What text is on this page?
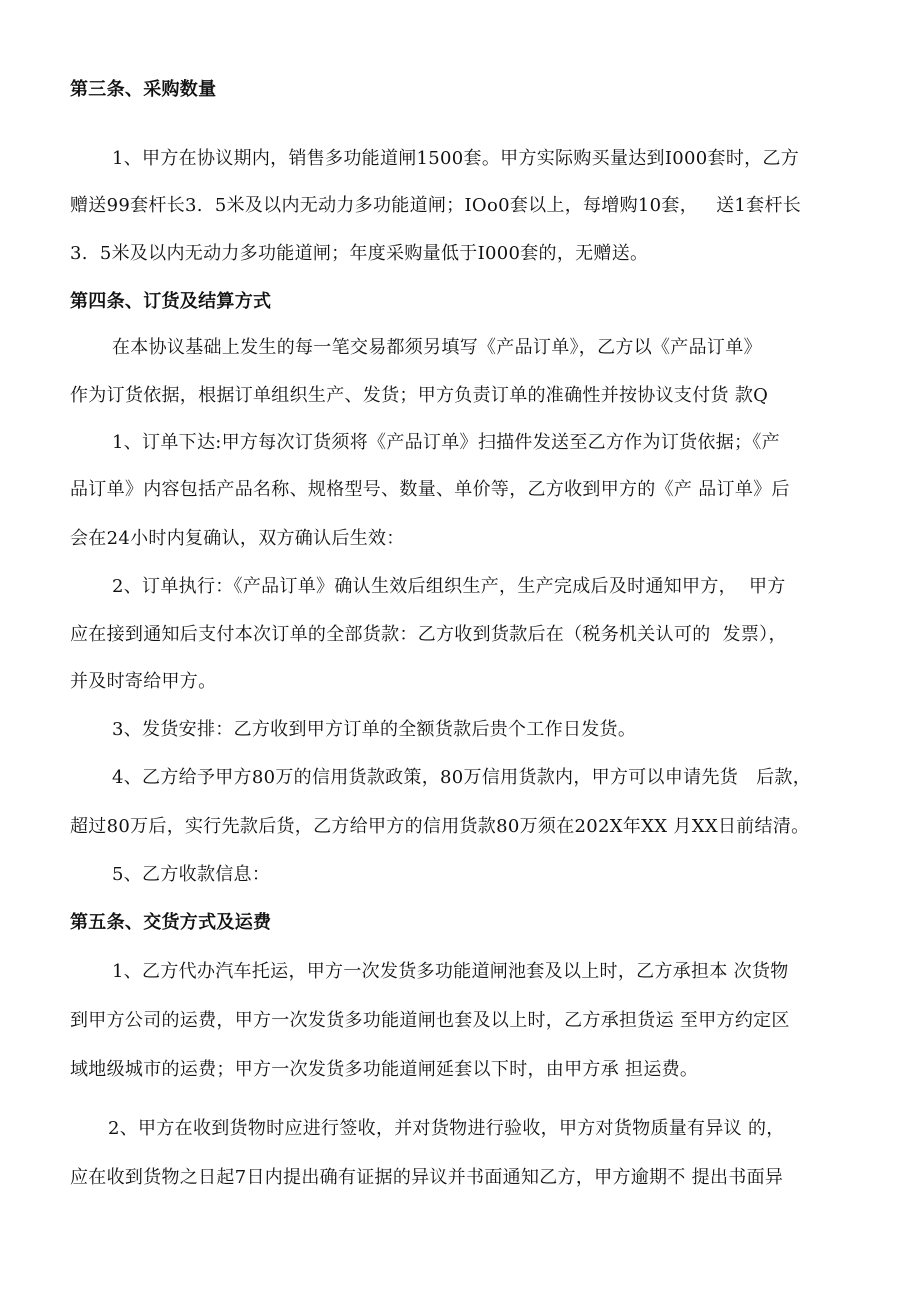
第三条、采购数量
1、甲方在协议期内，销售多功能道闸1500套。甲方实际购买量达到I000套时，乙方
赠送99套杆长3.  5米及以内无动力多功能道闸；IOo0套以上，每增购10套，   送1套杆长
3.  5米及以内无动力多功能道闸；年度采购量低于I000套的，无赠送。
第四条、订货及结算方式
在本协议基础上发生的每一笔交易都须另填写《产品订单》，乙方以《产品订单》
作为订货依据，根据订单组织生产、发货；甲方负责订单的准确性并按协议支付货 款Q
1、订单下达:甲方每次订货须将《产品订单》扫描件发送至乙方作为订货依据；《产
品订单》内容包括产品名称、规格型号、数量、单价等，乙方收到甲方的《产 品订单》后
会在24小时内复确认，双方确认后生效：
2、订单执行：《产品订单》确认生效后组织生产，生产完成后及时通知甲方，  甲方
应在接到通知后支付本次订单的全部货款：乙方收到货款后在（税务机关认可的  发票），
并及时寄给甲方。
3、发货安排：乙方收到甲方订单的全额货款后贵个工作日发货。
4、乙方给予甲方80万的信用货款政策，80万信用货款内，甲方可以申请先货   后款，
超过80万后，实行先款后货，乙方给甲方的信用货款80万须在202X年XX 月XX日前结清。
5、乙方收款信息：
第五条、交货方式及运费
1、乙方代办汽车托运，甲方一次发货多功能道闸池套及以上时，乙方承担本 次货物
到甲方公司的运费，甲方一次发货多功能道闸也套及以上时，乙方承担货运 至甲方约定区
域地级城市的运费；甲方一次发货多功能道闸延套以下时，由甲方承 担运费。
2、甲方在收到货物时应进行签收，并对货物进行验收，甲方对货物质量有异议 的，
应在收到货物之日起7日内提出确有证据的异议并书面通知乙方，甲方逾期不 提出书面异
